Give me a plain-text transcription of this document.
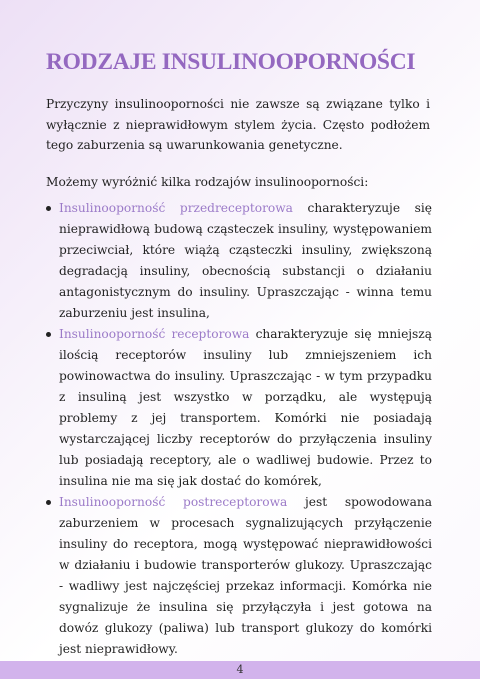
RODZAJE INSULINOOPORNOŚCI

Przyczyny insulinooporności nie zawsze są związane tylko i wyłącznie z nieprawidłowym stylem życia. Często podłożem tego zaburzenia są uwarunkowania genetyczne.

Możemy wyróżnić kilka rodzajów insulinooporności:

Insulinooporność przedreceptorowa charakteryzuje się nieprawidłową budową cząsteczek insuliny, występowaniem przeciwciał, które wiążą cząsteczki insuliny, zwiększoną degradacją insuliny, obecnością substancji o działaniu antagonistycznym do insuliny. Upraszczając - winna temu zaburzeniu jest insulina,
Insulinooporność receptorowa charakteryzuje się mniejszą ilością receptorów insuliny lub zmniejszeniem ich powinowactwa do insuliny. Upraszczając - w tym przypadku z insuliną jest wszystko w porządku, ale występują problemy z jej transportem. Komórki nie posiadają wystarczającej liczby receptorów do przyłączenia insuliny lub posiadają receptory, ale o wadliwej budowie. Przez to insulina nie ma się jak dostać do komórek,
Insulinooporność postreceptorowa jest spowodowana zaburzeniem w procesach sygnalizujących przyłączenie insuliny do receptora, mogą występować nieprawidłowości w działaniu i budowie transporterów glukozy. Upraszczając - wadliwy jest najczęściej przekaz informacji. Komórka nie sygnalizuje że insulina się przyłączyła i jest gotowa na dowóz glukozy (paliwa) lub transport glukozy do komórki jest nieprawidłowy.
4
